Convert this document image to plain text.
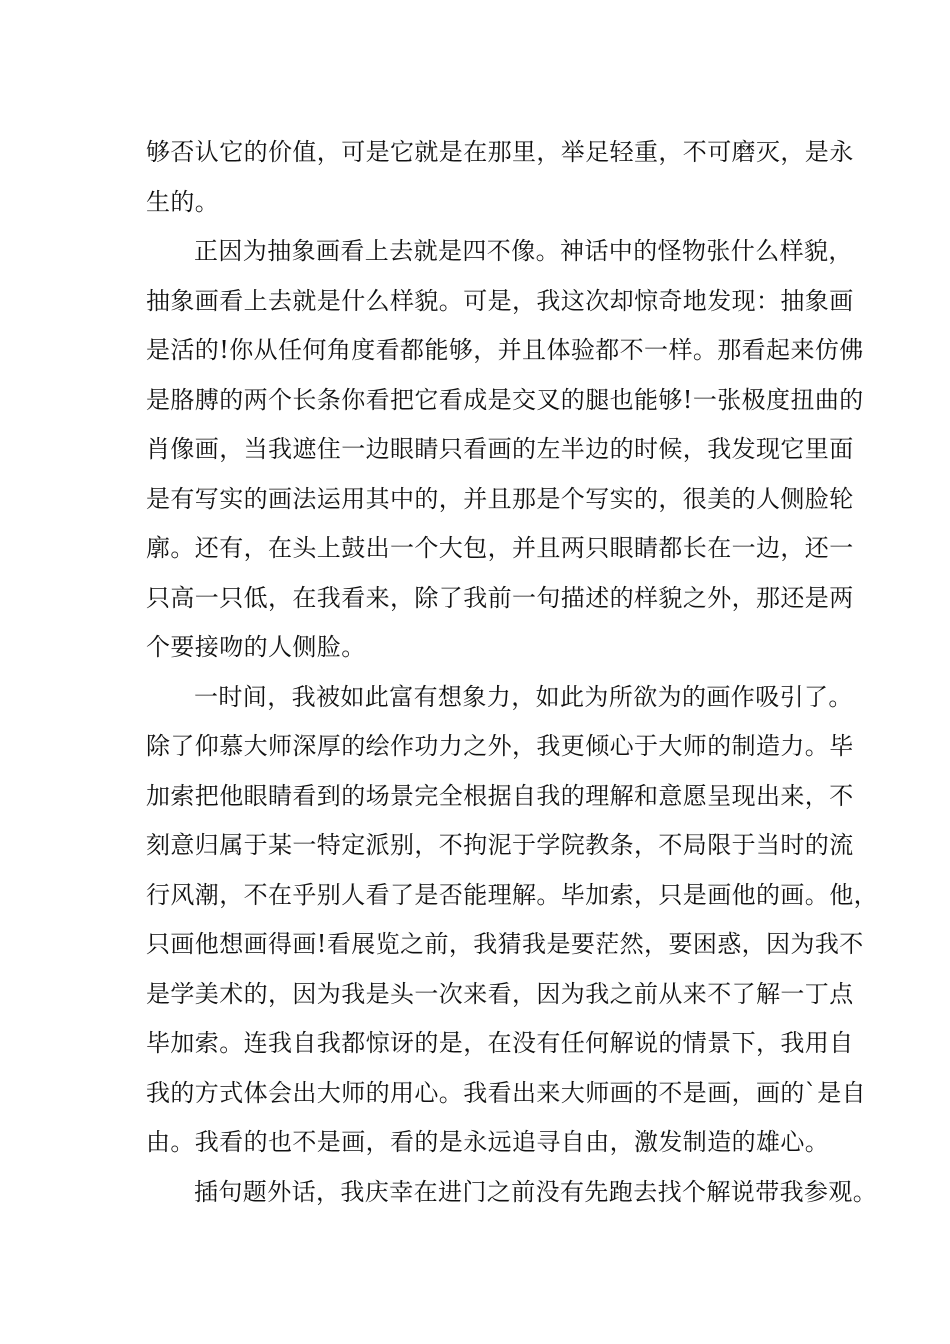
够否认它的价值，可是它就是在那里，举足轻重，不可磨灭，是永
生的。
正因为抽象画看上去就是四不像。神话中的怪物张什么样貌，
抽象画看上去就是什么样貌。可是，我这次却惊奇地发现：抽象画
是活的!你从任何角度看都能够，并且体验都不一样。那看起来仿佛
是胳膊的两个长条你看把它看成是交叉的腿也能够!一张极度扭曲的
肖像画，当我遮住一边眼睛只看画的左半边的时候，我发现它里面
是有写实的画法运用其中的，并且那是个写实的，很美的人侧脸轮
廓。还有，在头上鼓出一个大包，并且两只眼睛都长在一边，还一
只高一只低，在我看来，除了我前一句描述的样貌之外，那还是两
个要接吻的人侧脸。
一时间，我被如此富有想象力，如此为所欲为的画作吸引了。
除了仰慕大师深厚的绘作功力之外，我更倾心于大师的制造力。毕
加索把他眼睛看到的场景完全根据自我的理解和意愿呈现出来，不
刻意归属于某一特定派别，不拘泥于学院教条，不局限于当时的流
行风潮，不在乎别人看了是否能理解。毕加索，只是画他的画。他，
只画他想画得画!看展览之前，我猜我是要茫然，要困惑，因为我不
是学美术的，因为我是头一次来看，因为我之前从来不了解一丁点
毕加索。连我自我都惊讶的是，在没有任何解说的情景下，我用自
我的方式体会出大师的用心。我看出来大师画的不是画，画的`是自
由。我看的也不是画，看的是永远追寻自由，激发制造的雄心。
插句题外话，我庆幸在进门之前没有先跑去找个解说带我参观。
